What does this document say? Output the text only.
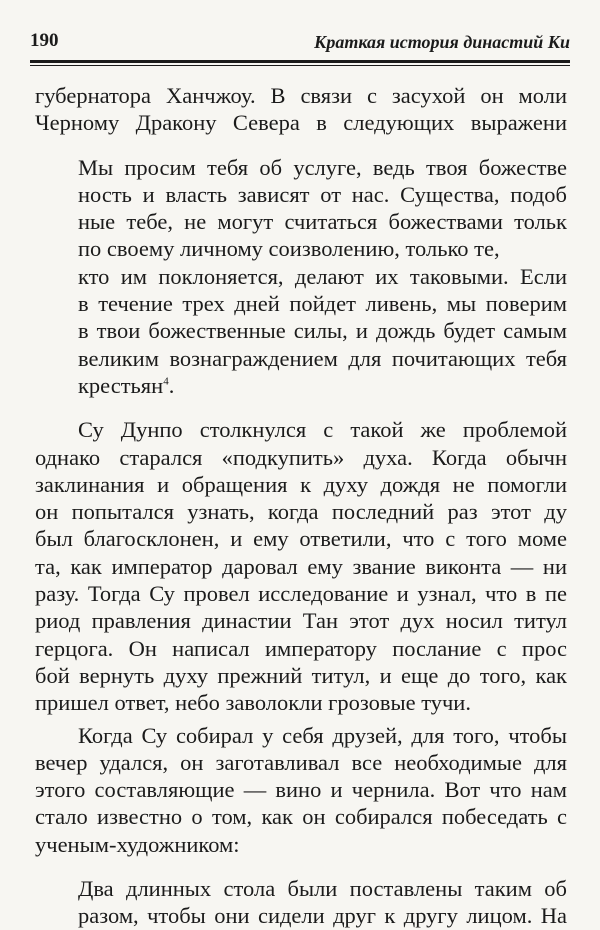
190	Краткая история династий Ки
губернатора Ханчжоу. В связи с засухой он моли
Черному Дракону Севера в следующих выражени
Мы просим тебя об услуге, ведь твоя божестве
ность и власть зависят от нас. Существа, подоб
ные тебе, не могут считаться божествами тольк
по своему личному соизволению, только те,
кто им поклоняется, делают их таковыми. Если
в течение трех дней пойдет ливень, мы поверим
в твои божественные силы, и дождь будет самым
великим вознаграждением для почитающих тебя
крестьян$^4$.
Су Дунпо столкнулся с такой же проблемой
однако старался «подкупить» духа. Когда обычн
заклинания и обращения к духу дождя не помогли
он попытался узнать, когда последний раз этот ду
был благосклонен, и ему ответили, что с того моме
та, как император даровал ему звание виконта — ни
разу. Тогда Су провел исследование и узнал, что в пе
риод правления династии Тан этот дух носил титул
герцога. Он написал императору послание с прос
бой вернуть духу прежний титул, и еще до того, как
пришел ответ, небо заволокли грозовые тучи.
Когда Су собирал у себя друзей, для того, чтобы
вечер удался, он заготавливал все необходимые для
этого составляющие — вино и чернила. Вот что нам
стало известно о том, как он собирался побеседать с
ученым-художником:
Два длинных стола были поставлены таким об
разом, чтобы они сидели друг к другу лицом. На
